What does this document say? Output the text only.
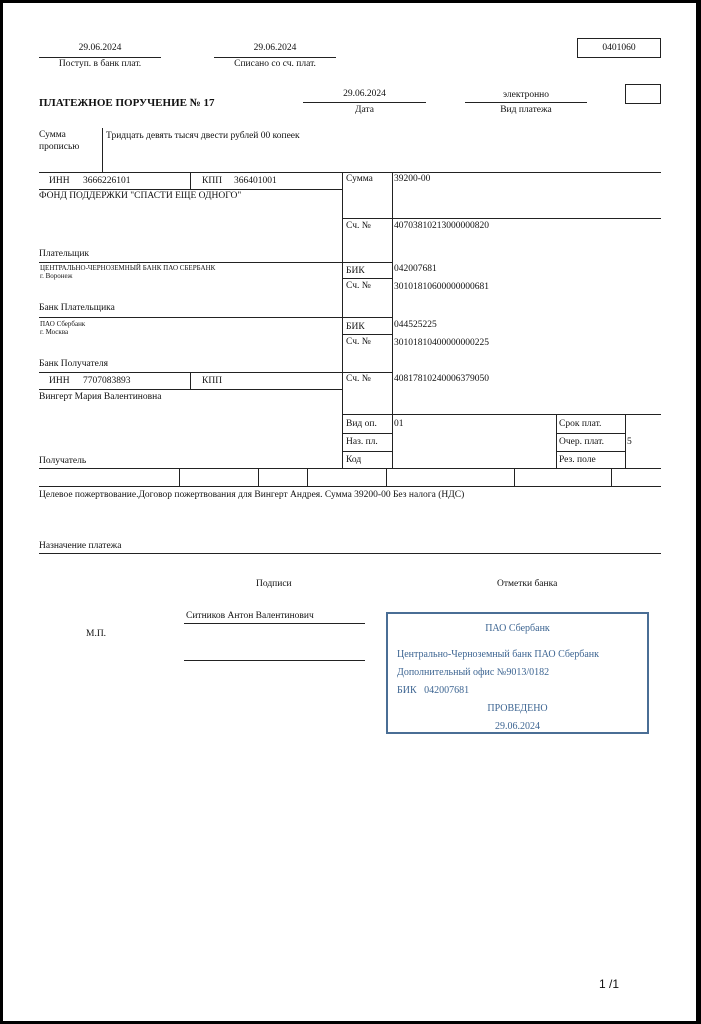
29.06.2024
Поступ. в банк плат.
29.06.2024
Списано со сч. плат.
0401060
ПЛАТЕЖНОЕ ПОРУЧЕНИЕ № 17
29.06.2024
Дата
электронно
Вид платежа
Сумма
прописью
Тридцать девять тысяч двести рублей 00 копеек
ИНН 3666226101	КПП 366401001
ФОНД ПОДДЕРЖКИ "СПАСТИ ЕЩЕ ОДНОГО"
Плательщик
Сумма 39200-00
Сч. № 40703810213000000820
ЦЕНТРАЛЬНО-ЧЕРНОЗЕМНЫЙ БАНК ПАО СБЕРБАНК
г. Воронеж	БИК	042007681
Сч. № 30101810600000000681
Банк Плательщика
ПАО Сбербанк
г. Москва	БИК	044525225
Сч. № 30101810400000000225
Банк Получателя
ИНН 7707083893	КПП
Вингерт Мария Валентиновна
Сч. № 40817810240006379050
Вид оп. 01
Наз. пл.
Код
Срок плат.
Очер. плат. 5
Рез. поле
Получатель
Целевое пожертвование.Договор пожертвования для Вингерт Андрея. Сумма 39200-00 Без налога (НДС)
Назначение платежа
Подписи	Отметки банка
Ситников Антон Валентинович
М.П.	ПАО Сбербанк
Центрально-Черноземный банк ПАО Сбербанк
Дополнительный офис №9013/0182
БИК   042007681
ПРОВЕДЕНО
29.06.2024
1 /1
